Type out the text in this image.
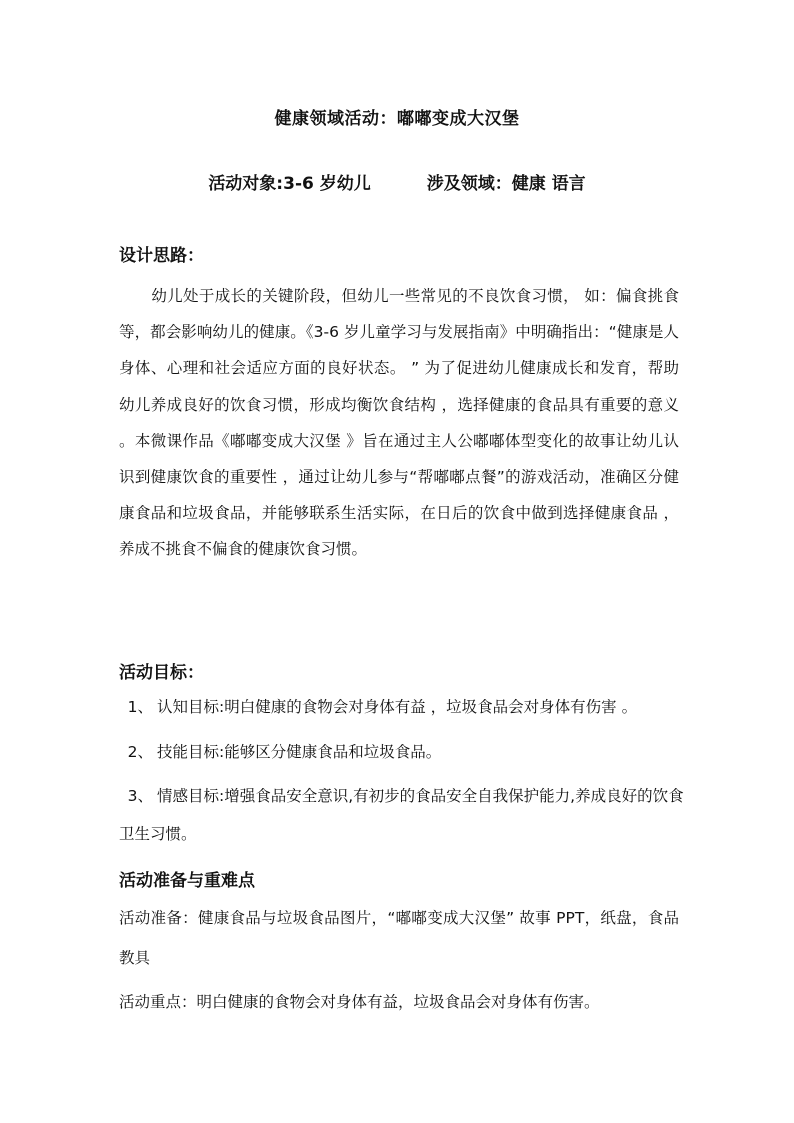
健康领域活动：嘟嘟变成大汉堡
活动对象:3-6 岁幼儿	涉及领域：健康 语言
设计思路：
幼儿处于成长的关键阶段，但幼儿一些常见的不良饮食习惯， 如：偏食挑食等，都会影响幼儿的健康。《3-6 岁儿童学习与发展指南》中明确指出：“健康是人身体、心理和社会适应方面的良好状态。 ” 为了促进幼儿健康成长和发育，帮助幼儿养成良好的饮食习惯，形成均衡饮食结构 ，选择健康的食品具有重要的意义 。本微课作品《嘟嘟变成大汉堡 》旨在通过主人公嘟嘟体型变化的故事让幼儿认识到健康饮食的重要性 ，通过让幼儿参与“帮嘟嘟点餐”的游戏活动，准确区分健康食品和垃圾食品，并能够联系生活实际，在日后的饮食中做到选择健康食品 ，养成不挑食不偏食的健康饮食习惯。
活动目标：
1、 认知目标:明白健康的食物会对身体有益 ，垃圾食品会对身体有伤害 。
2、 技能目标:能够区分健康食品和垃圾食品。
3、 情感目标:增强食品安全意识,有初步的食品安全自我保护能力,养成良好的饮食卫生习惯。
活动准备与重难点
活动准备：健康食品与垃圾食品图片，“嘟嘟变成大汉堡” 故事 PPT，纸盘，食品教具
活动重点：明白健康的食物会对身体有益，垃圾食品会对身体有伤害。
